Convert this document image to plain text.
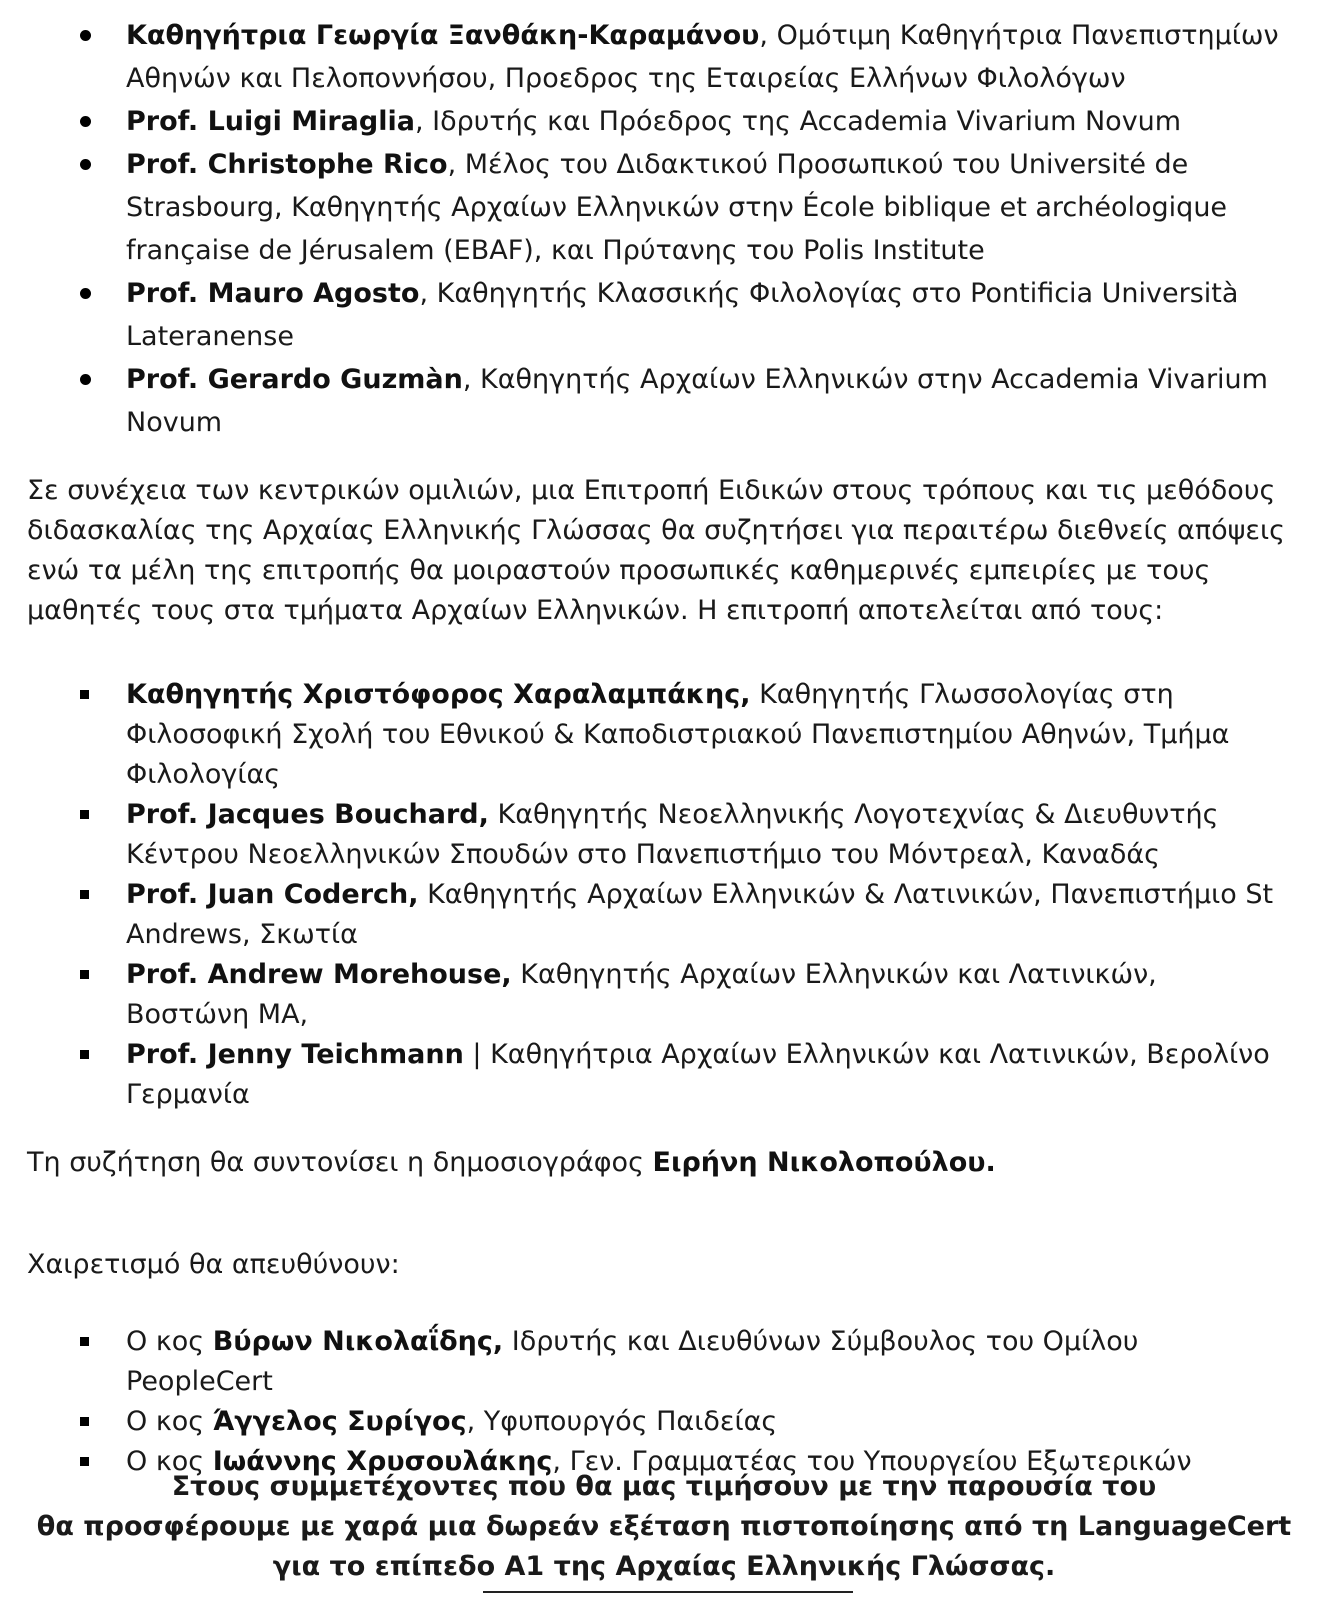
Καθηγήτρια Γεωργία Ξανθάκη-Καραμάνου, Ομότιμη Καθηγήτρια Πανεπιστημίων Αθηνών και Πελοποννήσου, Προεδρος της Εταιρείας Ελλήνων Φιλολόγων
Prof. Luigi Miraglia, Ιδρυτής και Πρόεδρος της Accademia Vivarium Novum
Prof. Christophe Rico, Μέλος του Διδακτικού Προσωπικού του Université de Strasbourg, Καθηγητής Αρχαίων Ελληνικών στην École biblique et archéologique française de Jérusalem (EBAF), και Πρύτανης του Polis Institute
Prof. Mauro Agosto, Καθηγητής Κλασσικής Φιλολογίας στο Pontificia Università Lateranense
Prof. Gerardo Guzmàn, Καθηγητής Αρχαίων Ελληνικών στην Accademia Vivarium Novum

Σε συνέχεια των κεντρικών ομιλιών, μια Επιτροπή Ειδικών στους τρόπους και τις μεθόδους διδασκαλίας της Αρχαίας Ελληνικής Γλώσσας θα συζητήσει για περαιτέρω διεθνείς απόψεις ενώ τα μέλη της επιτροπής θα μοιραστούν προσωπικές καθημερινές εμπειρίες με τους μαθητές τους στα τμήματα Αρχαίων Ελληνικών. Η επιτροπή αποτελείται από τους:

Καθηγητής Χριστόφορος Χαραλαμπάκης, Καθηγητής Γλωσσολογίας στη Φιλοσοφική Σχολή του Εθνικού & Καποδιστριακού Πανεπιστημίου Αθηνών, Τμήμα Φιλολογίας
Prof. Jacques Bouchard, Καθηγητής Νεοελληνικής Λογοτεχνίας & Διευθυντής Κέντρου Νεοελληνικών Σπουδών στο Πανεπιστήμιο του Μόντρεαλ, Καναδάς
Prof. Juan Coderch, Καθηγητής Αρχαίων Ελληνικών & Λατινικών, Πανεπιστήμιο St Andrews, Σκωτία
Prof. Andrew Morehouse, Καθηγητής Αρχαίων Ελληνικών και Λατινικών, Βοστώνη MA,
Prof. Jenny Teichmann | Καθηγήτρια Αρχαίων Ελληνικών και Λατινικών, Βερολίνο Γερμανία

Τη συζήτηση θα συντονίσει η δημοσιογράφος Ειρήνη Νικολοπούλου.

Χαιρετισμό θα απευθύνουν:

Ο κος Βύρων Νικολαΐδης, Ιδρυτής και Διευθύνων Σύμβουλος του Ομίλου PeopleCert
Ο κος Άγγελος Συρίγος, Υφυπουργός Παιδείας
Ο κος Ιωάννης Χρυσουλάκης, Γεν. Γραμματέας του Υπουργείου Εξωτερικών

Στους συμμετέχοντες που θα μας τιμήσουν με την παρουσία του
θα προσφέρουμε με χαρά μια δωρεάν εξέταση πιστοποίησης από τη LanguageCert
για το επίπεδο Α1 της Αρχαίας Ελληνικής Γλώσσας.
